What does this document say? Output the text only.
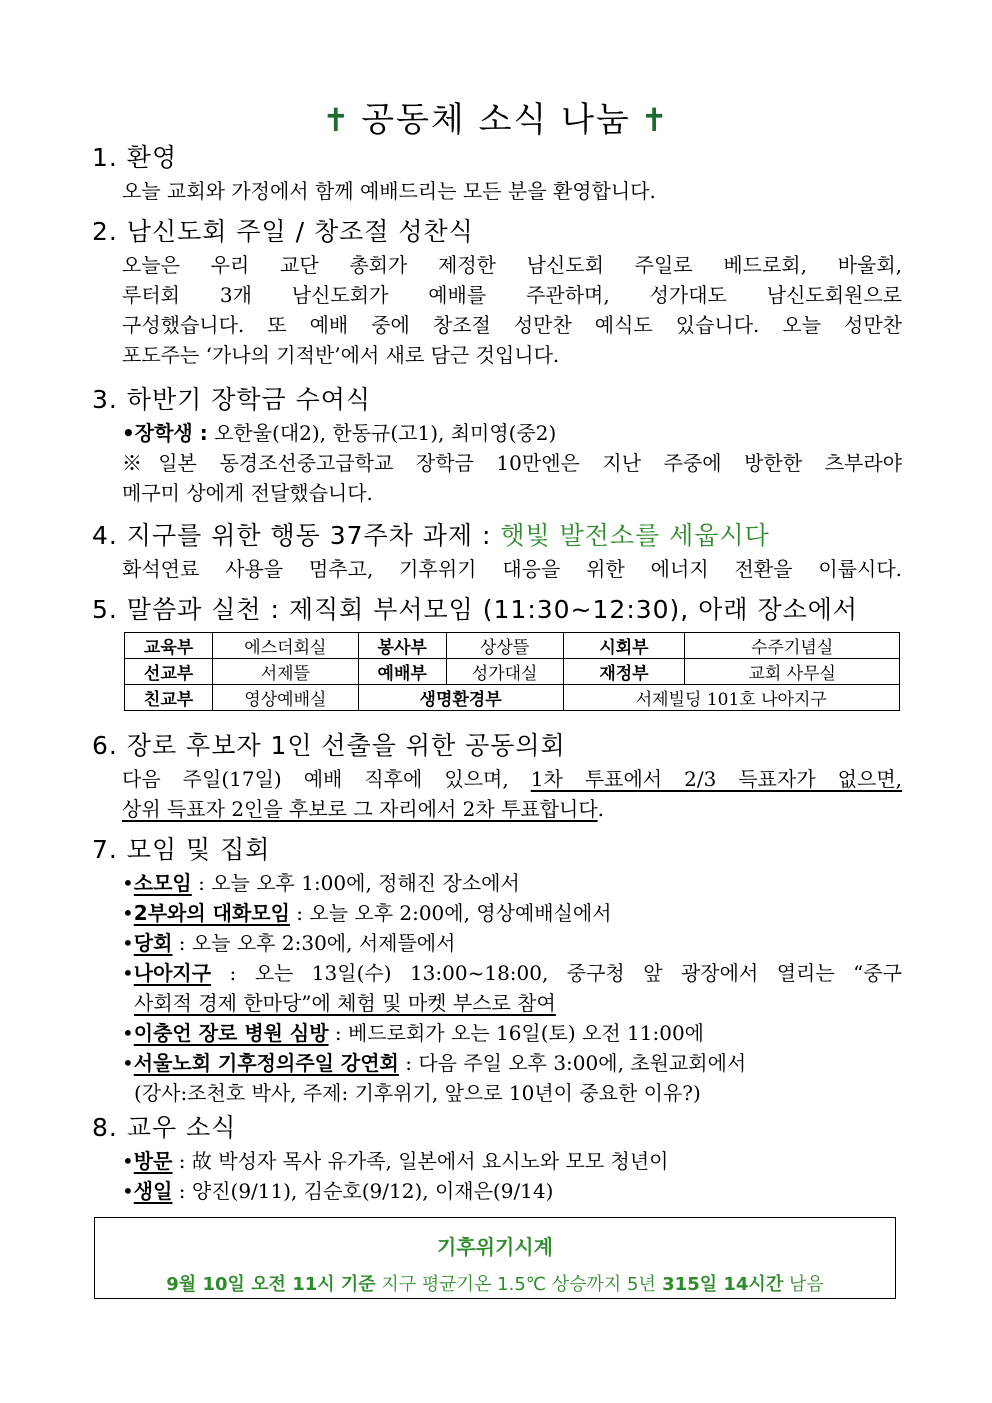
✝ 공동체 소식 나눔 ✝
1. 환영
오늘 교회와 가정에서 함께 예배드리는 모든 분을 환영합니다.
2. 남신도회 주일 / 창조절 성찬식
오늘은 우리 교단 총회가 제정한 남신도회 주일로 베드로회, 바울회,
루터회 3개 남신도회가 예배를 주관하며, 성가대도 남신도회원으로
구성했습니다. 또 예배 중에 창조절 성만찬 예식도 있습니다. 오늘 성만찬
포도주는 ‘가나의 기적반’에서 새로 담근 것입니다.
3. 하반기 장학금 수여식
•장학생 : 오한울(대2), 한동규(고1), 최미영(중2)
※일본 동경조선중고급학교 장학금 10만엔은 지난 주중에 방한한 츠부라야
메구미 상에게 전달했습니다.
4. 지구를 위한 행동 37주차 과제 : 햇빛 발전소를 세웁시다
화석연료 사용을 멈추고, 기후위기 대응을 위한 에너지 전환을 이룹시다.
5. 말씀과 실천 : 제직회 부서모임 (11:30~12:30), 아래 장소에서
교육부	에스더회실	봉사부	상상뜰	시회부	수주기념실
선교부	서제뜰	예배부	성가대실	재정부	교회 사무실
친교부	영상예배실	생명환경부		서제빌딩 101호 나아지구	
6. 장로 후보자 1인 선출을 위한 공동의회
다음 주일(17일) 예배 직후에 있으며, 1차 투표에서 2/3 득표자가 없으면,
상위 득표자 2인을 후보로 그 자리에서 2차 투표합니다.
7. 모임 및 집회
•소모임 : 오늘 오후 1:00에, 정해진 장소에서
•2부와의 대화모임 : 오늘 오후 2:00에, 영상예배실에서
•당회 : 오늘 오후 2:30에, 서제뜰에서
•나아지구 : 오는 13일(수) 13:00~18:00, 중구청 앞 광장에서 열리는 “중구
사회적 경제 한마당”에 체험 및 마켓 부스로 참여
•이충언 장로 병원 심방 : 베드로회가 오는 16일(토) 오전 11:00에
•서울노회 기후정의주일 강연회 : 다음 주일 오후 3:00에, 초원교회에서
(강사:조천호 박사, 주제: 기후위기, 앞으로 10년이 중요한 이유?)
8. 교우 소식
•방문 : 故 박성자 목사 유가족, 일본에서 요시노와 모모 청년이
•생일 : 양진(9/11), 김순호(9/12), 이재은(9/14)
기후위기시계
9월 10일 오전 11시 기준 지구 평균기온 1.5℃ 상승까지 5년 315일 14시간 남음
